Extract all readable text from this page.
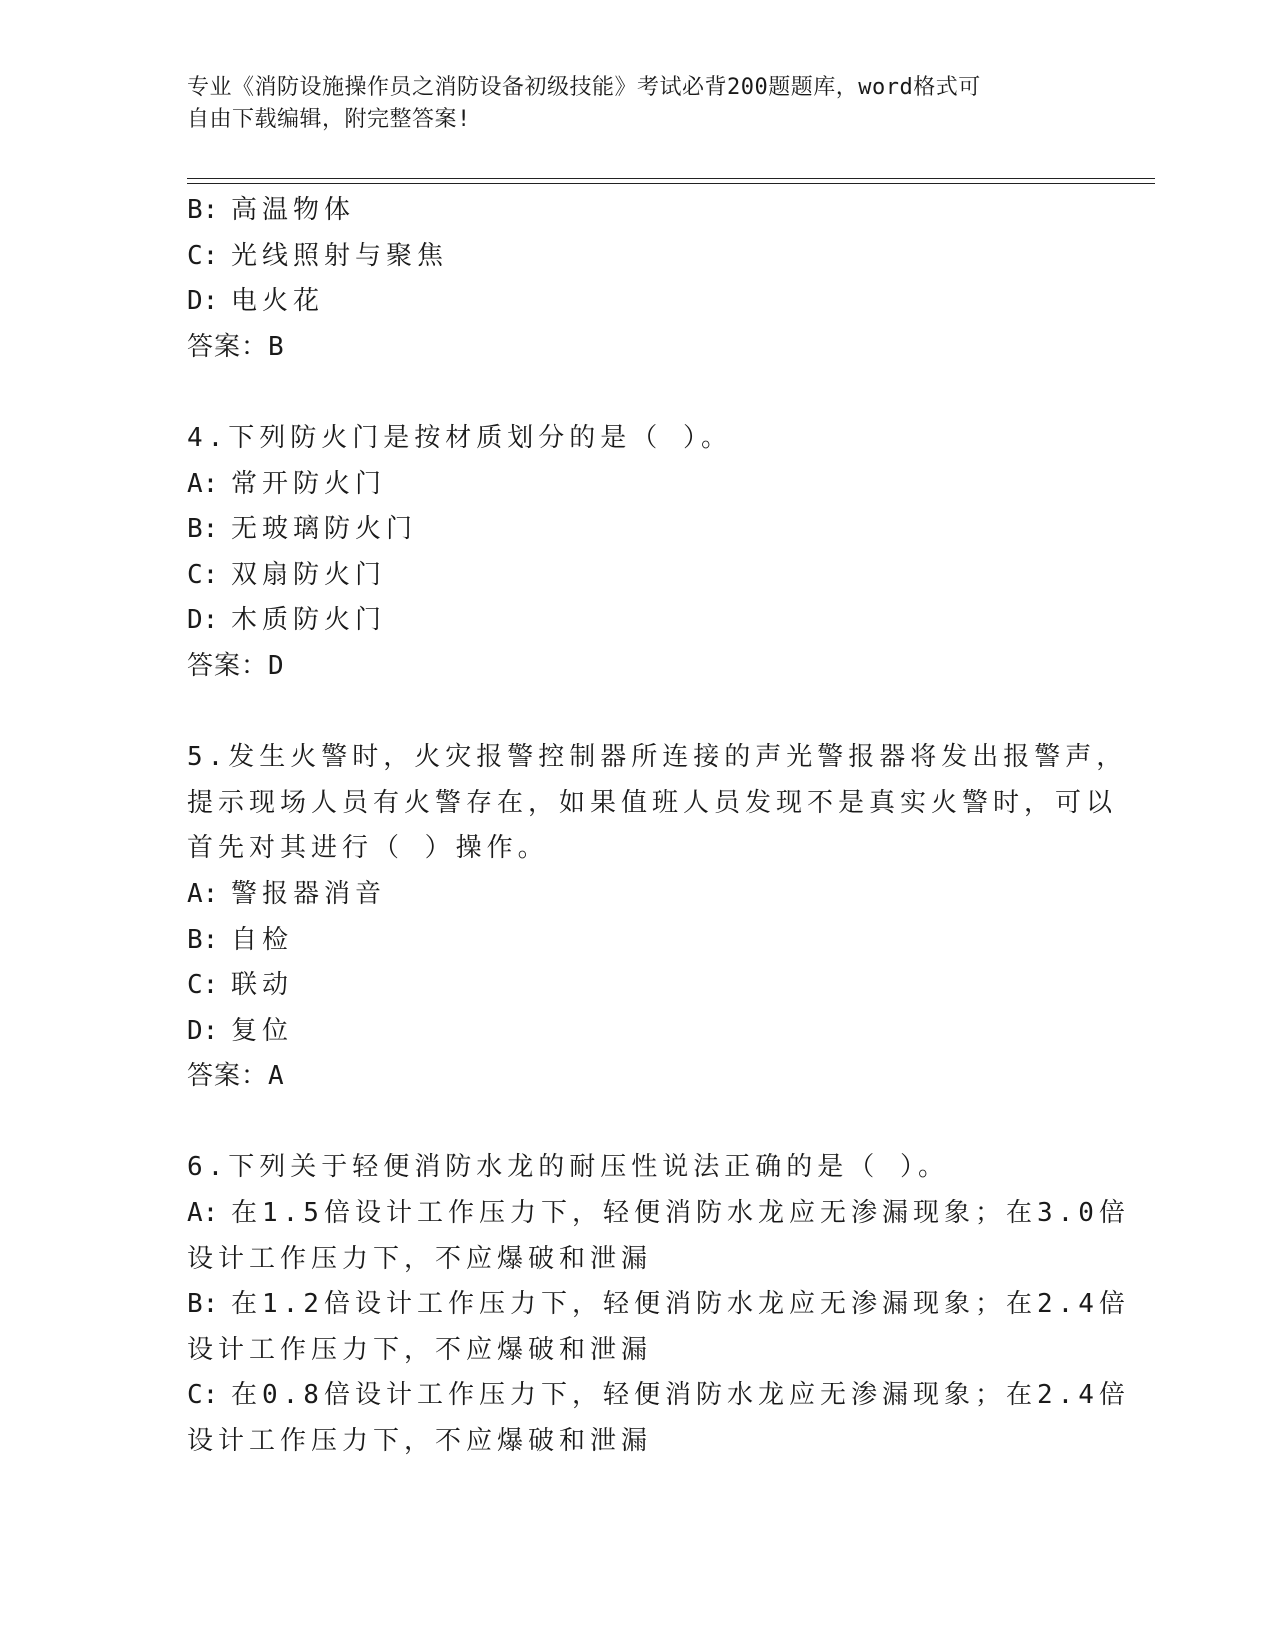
专业《消防设施操作员之消防设备初级技能》考试必背200题题库，word格式可
自由下载编辑，附完整答案!
B: 高温物体
C: 光线照射与聚焦
D: 电火花
答案：B
4.下列防火门是按材质划分的是（ ）。
A: 常开防火门
B: 无玻璃防火门
C: 双扇防火门
D: 木质防火门
答案：D
5.发生火警时，火灾报警控制器所连接的声光警报器将发出报警声，
提示现场人员有火警存在，如果值班人员发现不是真实火警时，可以
首先对其进行（ ）操作。
A: 警报器消音
B: 自检
C: 联动
D: 复位
答案：A
6.下列关于轻便消防水龙的耐压性说法正确的是（ ）。
A: 在1.5倍设计工作压力下，轻便消防水龙应无渗漏现象；在3.0倍
设计工作压力下，不应爆破和泄漏
B: 在1.2倍设计工作压力下，轻便消防水龙应无渗漏现象；在2.4倍
设计工作压力下，不应爆破和泄漏
C: 在0.8倍设计工作压力下，轻便消防水龙应无渗漏现象；在2.4倍
设计工作压力下，不应爆破和泄漏
